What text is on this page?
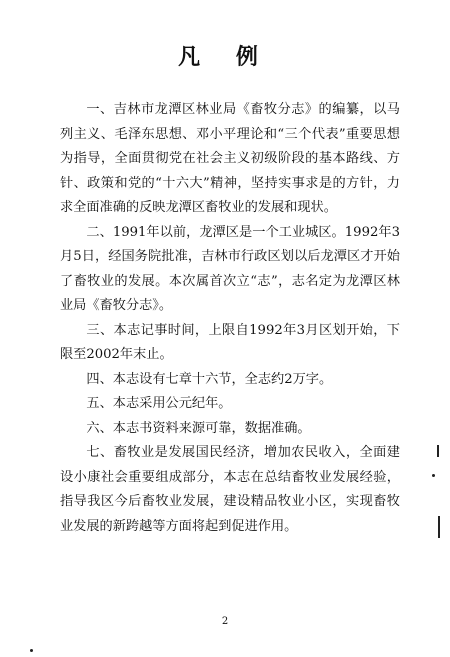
凡 例

一、吉林市龙潭区林业局《畜牧分志》的编纂，以马列主义、毛泽东思想、邓小平理论和“三个代表”重要思想为指导，全面贯彻党在社会主义初级阶段的基本路线、方针、政策和党的“十六大”精神，坚持实事求是的方针，力求全面准确的反映龙潭区畜牧业的发展和现状。

二、1991年以前，龙潭区是一个工业城区。1992年3月5日，经国务院批准，吉林市行政区划以后龙潭区才开始了畜牧业的发展。本次属首次立“志”，志名定为龙潭区林业局《畜牧分志》。

三、本志记事时间，上限自1992年3月区划开始，下限至2002年末止。

四、本志设有七章十六节，全志约2万字。

五、本志采用公元纪年。

六、本志书资料来源可靠，数据准确。

七、畜牧业是发展国民经济，增加农民收入，全面建设小康社会重要组成部分，本志在总结畜牧业发展经验，指导我区今后畜牧业发展，建设精品牧业小区，实现畜牧业发展的新跨越等方面将起到促进作用。

2
